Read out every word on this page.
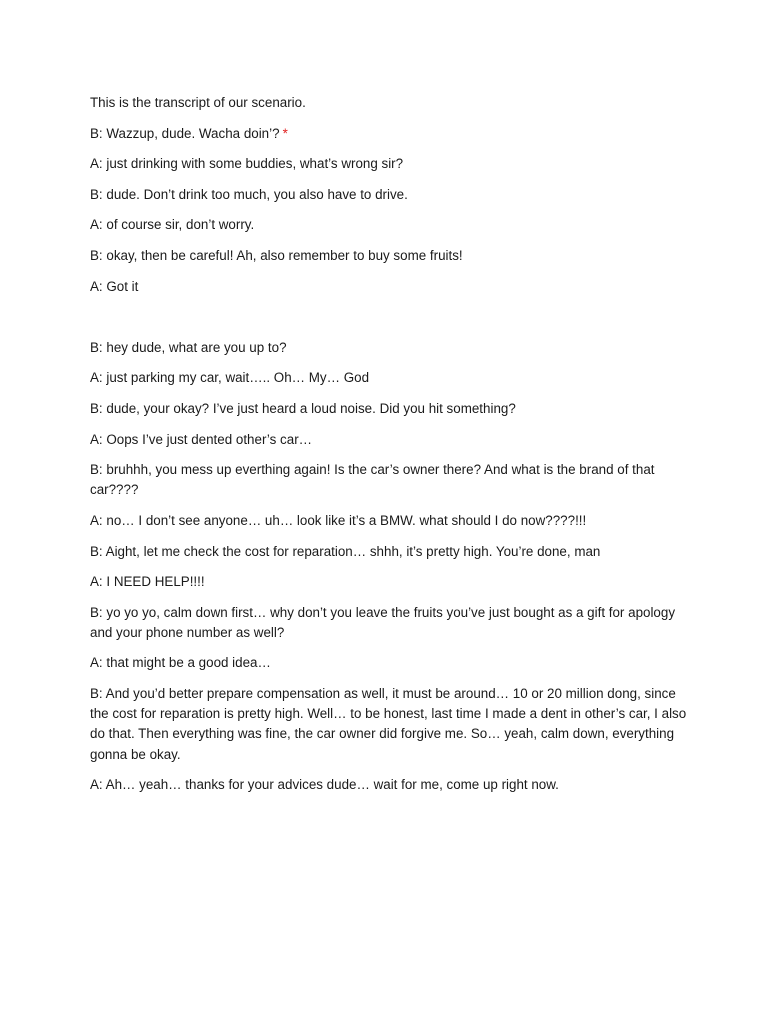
This is the transcript of our scenario.

B: Wazzup, dude. Wacha doin’? *

A: just drinking with some buddies, what’s wrong sir?

B: dude. Don’t drink too much, you also have to drive.

A: of course sir, don’t worry.

B: okay, then be careful! Ah, also remember to buy some fruits!

A: Got it

B: hey dude, what are you up to?

A: just parking my car, wait….. Oh… My… God

B: dude, your okay? I’ve just heard a loud noise. Did you hit something?

A: Oops I’ve just dented other’s car…

B: bruhhh, you mess up everthing again! Is the car’s owner there? And what is the brand of that car????

A: no… I don’t see anyone… uh… look like it’s a BMW. what should I do now????!!!

B: Aight, let me check the cost for reparation… shhh, it’s pretty high. You’re done, man

A: I NEED HELP!!!!

B: yo yo yo, calm down first… why don’t you leave the fruits you’ve just bought as a gift for apology and your phone number as well?

A: that might be a good idea…

B: And you’d better prepare compensation as well, it must be around… 10 or 20 million dong, since the cost for reparation is pretty high. Well… to be honest, last time I made a dent in other’s car, I also do that. Then everything was fine, the car owner did forgive me. So… yeah, calm down, everything gonna be okay.

A: Ah… yeah… thanks for your advices dude… wait for me, come up right now.
